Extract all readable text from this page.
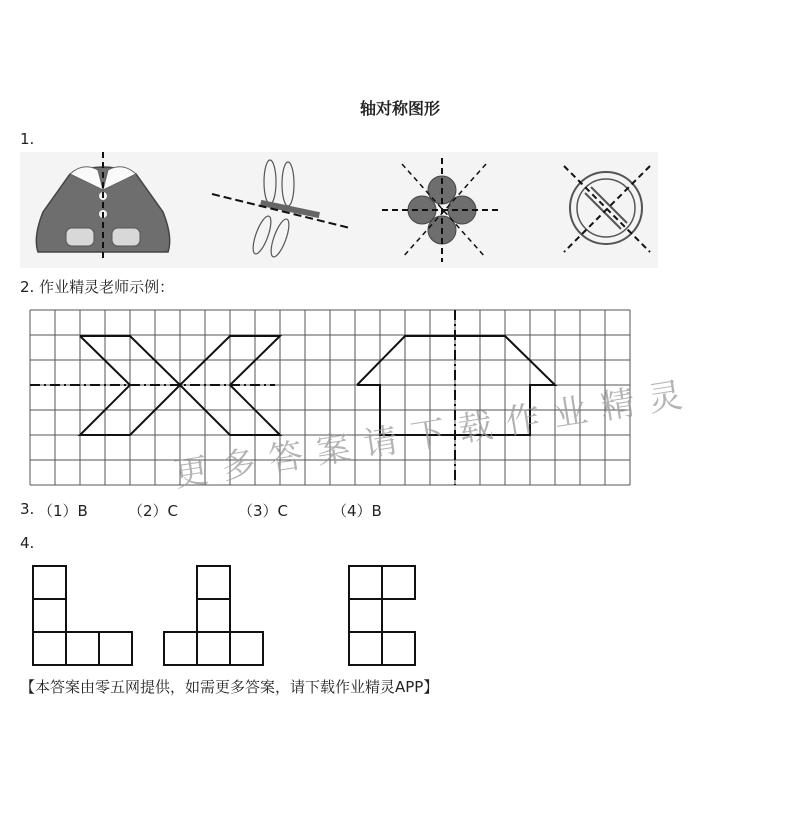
轴对称图形
1.
2. 作业精灵老师示例：
3. （1）B	（2）C	（3）C	（4）B
4.
【本答案由零五网提供，如需更多答案，请下载作业精灵APP】
更多答案请下载作业精灵
